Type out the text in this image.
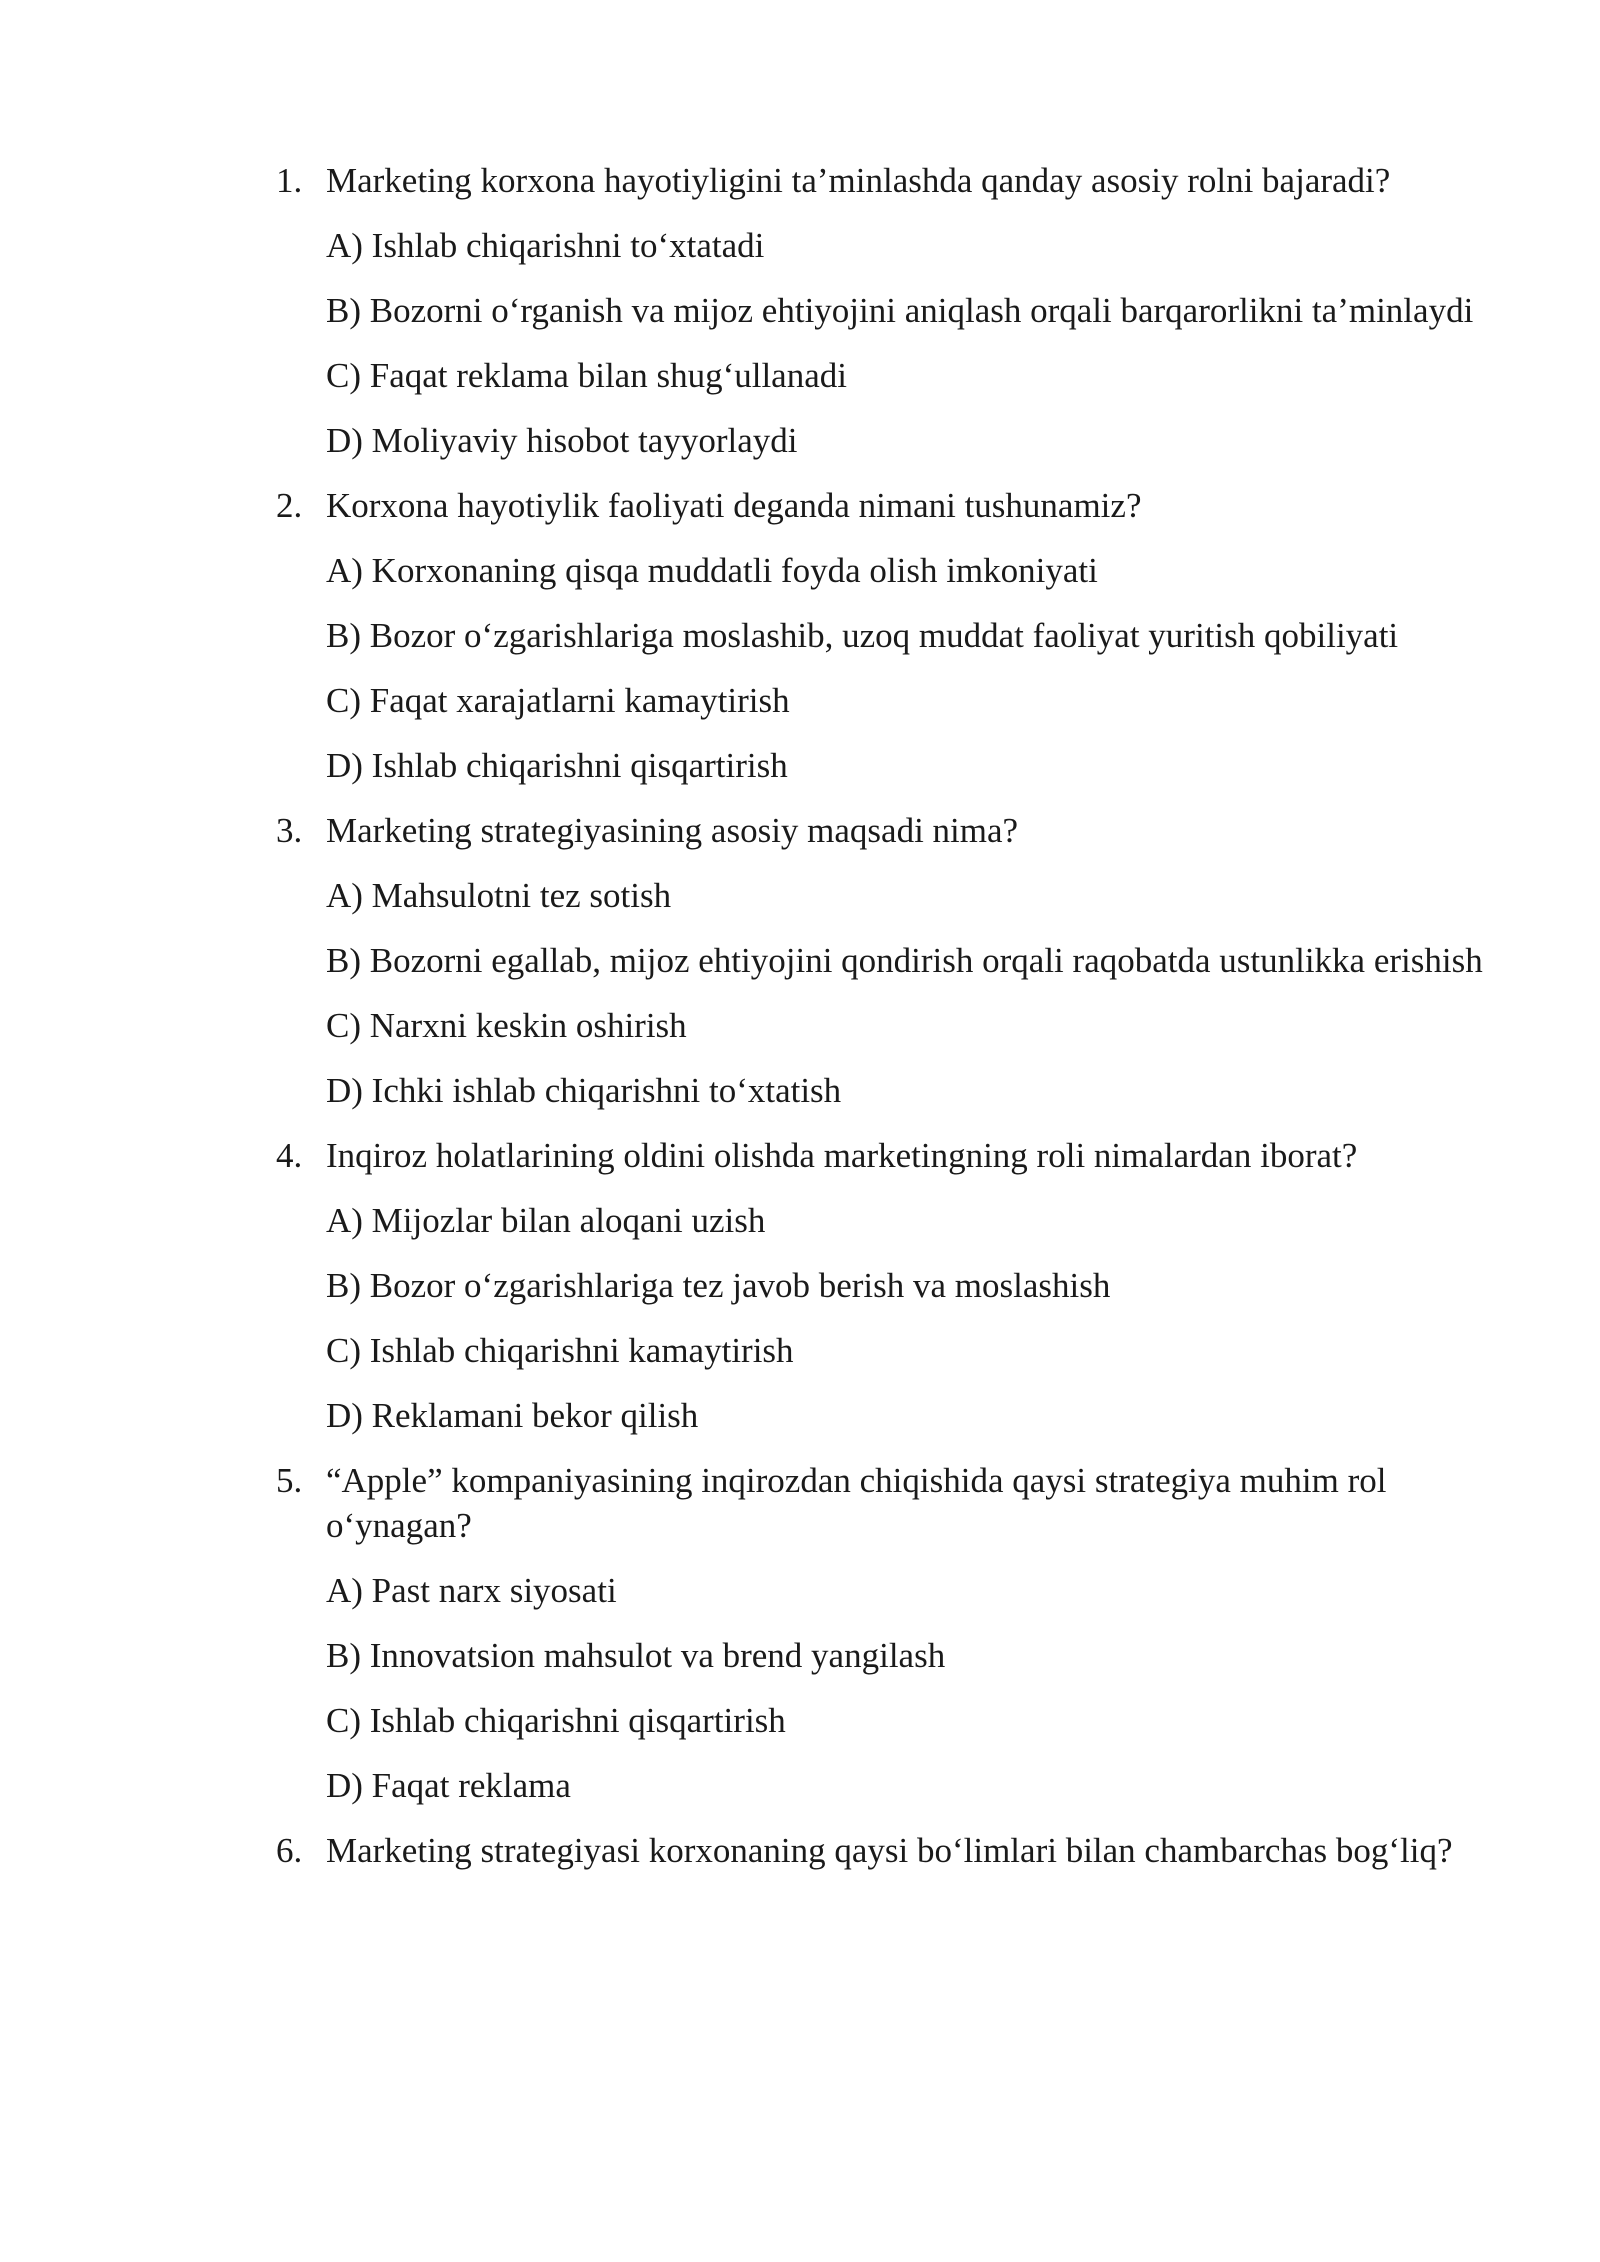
1. Marketing korxona hayotiyligini ta’minlashda qanday asosiy rolni bajaradi?
A) Ishlab chiqarishni to‘xtatadi
B) Bozorni o‘rganish va mijoz ehtiyojini aniqlash orqali barqarorlikni ta’minlaydi
C) Faqat reklama bilan shug‘ullanadi
D) Moliyaviy hisobot tayyorlaydi
2. Korxona hayotiylik faoliyati deganda nimani tushunamiz?
A) Korxonaning qisqa muddatli foyda olish imkoniyati
B) Bozor o‘zgarishlariga moslashib, uzoq muddat faoliyat yuritish qobiliyati
C) Faqat xarajatlarni kamaytirish
D) Ishlab chiqarishni qisqartirish
3. Marketing strategiyasining asosiy maqsadi nima?
A) Mahsulotni tez sotish
B) Bozorni egallab, mijoz ehtiyojini qondirish orqali raqobatda ustunlikka erishish
C) Narxni keskin oshirish
D) Ichki ishlab chiqarishni to‘xtatish
4. Inqiroz holatlarining oldini olishda marketingning roli nimalardan iborat?
A) Mijozlar bilan aloqani uzish
B) Bozor o‘zgarishlariga tez javob berish va moslashish
C) Ishlab chiqarishni kamaytirish
D) Reklamani bekor qilish
5. “Apple” kompaniyasining inqirozdan chiqishida qaysi strategiya muhim rol o‘ynagan?
A) Past narx siyosati
B) Innovatsion mahsulot va brend yangilash
C) Ishlab chiqarishni qisqartirish
D) Faqat reklama
6. Marketing strategiyasi korxonaning qaysi bo‘limlari bilan chambarchas bog‘liq?
